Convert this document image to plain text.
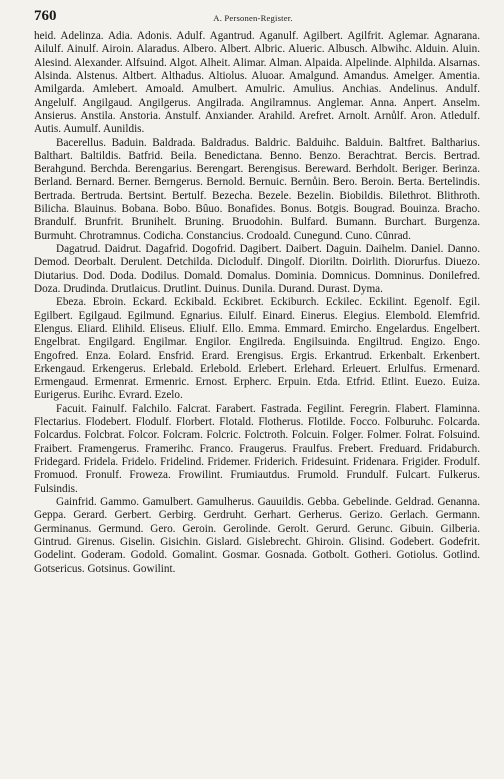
760	A. Personen-Register.

heid. Adelinza. Adia. Adonis. Adulf. Agantrud. Aganulf. Agilbert. Agilfrit. Aglemar. Agnarana. Ailulf. Ainulf. Airoin. Alaradus. Albero. Albert. Albric. Alueric. Albusch. Albwihc. Alduin. Aluin. Alesind. Alexander. Alfsuind. Algot. Alheit. Alimar. Alman. Alpaida. Alpelinde. Alphilda. Alsarnas. Alsinda. Alstenus. Altbert. Althadus. Altiolus. Aluoar. Amalgund. Amandus. Amelger. Amentia. Amilgarda. Amlebert. Amoald. Amulbert. Amulric. Amulius. Anchias. Andelinus. Andulf. Angelulf. Angilgaud. Angilgerus. Angilrada. Angilramnus. Anglemar. Anna. Anpert. Anselm. Ansierus. Anstila. Anstoria. Anstulf. Anxiander. Arahild. Arefret. Arnolt. Arnůlf. Aron. Atledulf. Autis. Aumulf. Aunildis.

Bacerellus. Baduin. Baldrada. Baldradus. Baldric. Balduihc. Balduin. Baltfret. Baltharius. Balthart. Baltildis. Batfrid. Beila. Benedictana. Benno. Benzo. Berachtrat. Bercis. Bertrad. Berahgund. Berchda. Berengarius. Berengart. Berengisus. Bereward. Berhdolt. Beriger. Berinza. Berland. Bernard. Berner. Berngerus. Bernold. Bernuic. Bernůin. Bero. Beroin. Berta. Bertelindis. Bertrada. Bertruda. Bertsint. Bertulf. Bezecha. Bezele. Bezelin. Biobildis. Bilethrot. Blithroth. Bilicha. Blauinus. Bobana. Bobo. Bûuo. Bonafides. Bonus. Botgis. Bougrad. Bouinza. Bracho. Brandulf. Brunfrit. Brunihelt. Bruning. Bruodohin. Bulfard. Bumann. Burchart. Burgenza. Burmuht. Chrotramnus. Codicha. Constancius. Crodoald. Cunegund. Cuno. Cûnrad.

Dagatrud. Daidrut. Dagafrid. Dogofrid. Dagibert. Daibert. Daguin. Daihelm. Daniel. Danno. Demod. Deorbalt. Derulent. Detchilda. Diclodulf. Dingolf. Dioriltn. Doirlith. Diorurfus. Diuezo. Diutarius. Dod. Doda. Dodilus. Domald. Domalus. Dominia. Domnicus. Domninus. Donilefred. Doza. Drudinda. Drutlaicus. Drutlint. Duinus. Dunila. Durand. Durast. Dyma.

Ebeza. Ebroin. Eckard. Eckibald. Eckibret. Eckiburch. Eckilec. Eckilint. Egenolf. Egil. Egilbert. Egilgaud. Egilmund. Egnarius. Eilulf. Einard. Einerus. Elegius. Elembold. Elemfrid. Elengus. Eliard. Elihild. Eliseus. Eliulf. Ello. Emma. Emmard. Emircho. Engelardus. Engelbert. Engelbrat. Engilgard. Engilmar. Engilor. Engilreda. Engilsuinda. Engiltrud. Engizo. Engo. Engofred. Enza. Eolard. Ensfrid. Erard. Erengisus. Ergis. Erkantrud. Erkenbalt. Erkenbert. Erkengaud. Erkengerus. Erlebald. Erlebold. Erlebert. Erlehard. Erleuert. Erlulfus. Ermenard. Ermengaud. Ermenrat. Ermenric. Ernost. Erpherc. Erpuin. Etda. Etfrid. Etlint. Euezo. Euiza. Eurigerus. Eurihc. Evrard. Ezelo.

Facuit. Fainulf. Falchilo. Falcrat. Farabert. Fastrada. Fegilint. Feregrin. Flabert. Flaminna. Flectarius. Flodebert. Flodulf. Florbert. Flotald. Flotherus. Flotilde. Focco. Folburuhc. Folcarda. Folcardus. Folcbrat. Folcor. Folcram. Folcric. Folctroth. Folcuin. Folger. Folmer. Folrat. Folsuind. Fraibert. Framengerus. Framerihc. Franco. Fraugerus. Fraulfus. Frebert. Freduard. Fridaburch. Fridegard. Fridela. Fridelo. Fridelind. Fridemer. Friderich. Fridesuint. Fridenara. Frigider. Frodulf. Fromuod. Fronulf. Froweza. Frowilint. Frumiautdus. Frumold. Frundulf. Fulcart. Fulkerus. Fulsindis.

Gainfrid. Gammo. Gamulbert. Gamulherus. Gauuildis. Gebba. Gebelinde. Geldrad. Genanna. Geppa. Gerard. Gerbert. Gerbirg. Gerdruht. Gerhart. Gerherus. Gerizo. Gerlach. Germann. Germinanus. Germund. Gero. Geroin. Gerolinde. Gerolt. Gerurd. Gerunc. Gibuin. Gilberia. Gintrud. Girenus. Giselin. Gisichin. Gislard. Gislebrecht. Ghiroin. Glisind. Godebert. Godefrit. Godelint. Goderam. Godold. Gomalint. Gosmar. Gosnada. Gotbolt. Gotheri. Gotiolus. Gotlind. Gotsericus. Gotsinus. Gowilint.
